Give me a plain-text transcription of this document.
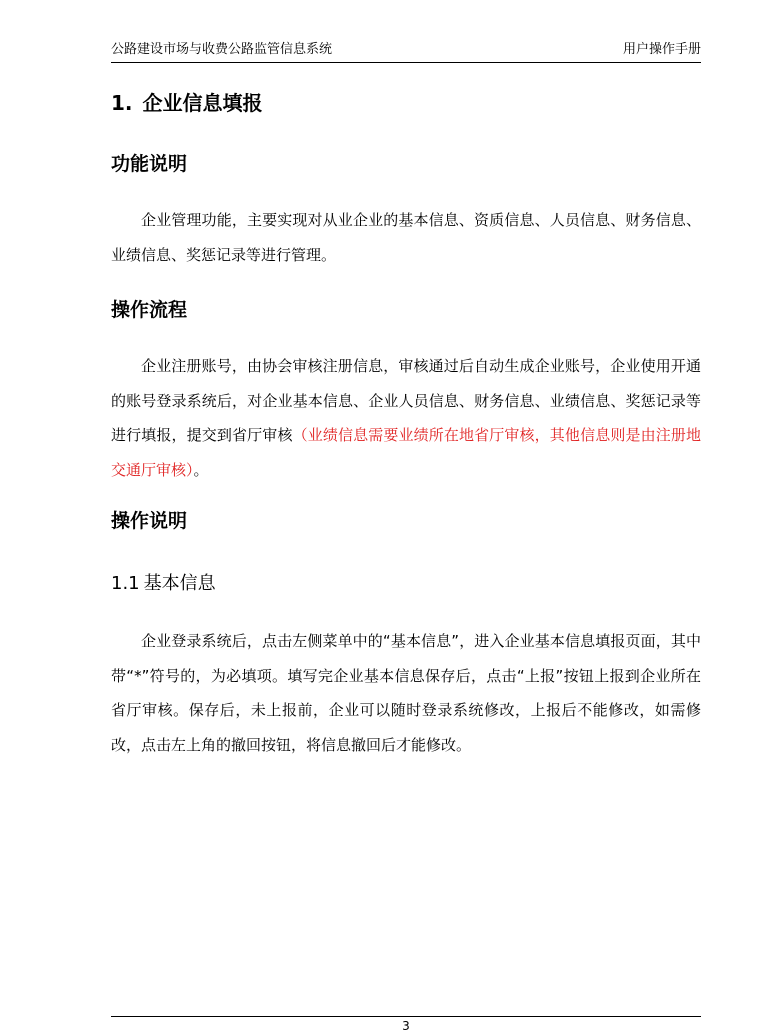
公路建设市场与收费公路监管信息系统	用户操作手册
1. 企业信息填报
功能说明

企业管理功能，主要实现对从业企业的基本信息、资质信息、人员信息、财务信息、业绩信息、奖惩记录等进行管理。

操作流程

企业注册账号，由协会审核注册信息，审核通过后自动生成企业账号，企业使用开通的账号登录系统后，对企业基本信息、企业人员信息、财务信息、业绩信息、奖惩记录等进行填报，提交到省厅审核（业绩信息需要业绩所在地省厅审核，其他信息则是由注册地交通厅审核）。

操作说明
1.1 基本信息

企业登录系统后，点击左侧菜单中的“基本信息”，进入企业基本信息填报页面，其中带“*”符号的，为必填项。填写完企业基本信息保存后，点击“上报”按钮上报到企业所在省厅审核。保存后，未上报前，企业可以随时登录系统修改，上报后不能修改，如需修改，点击左上角的撤回按钮，将信息撤回后才能修改。

3
